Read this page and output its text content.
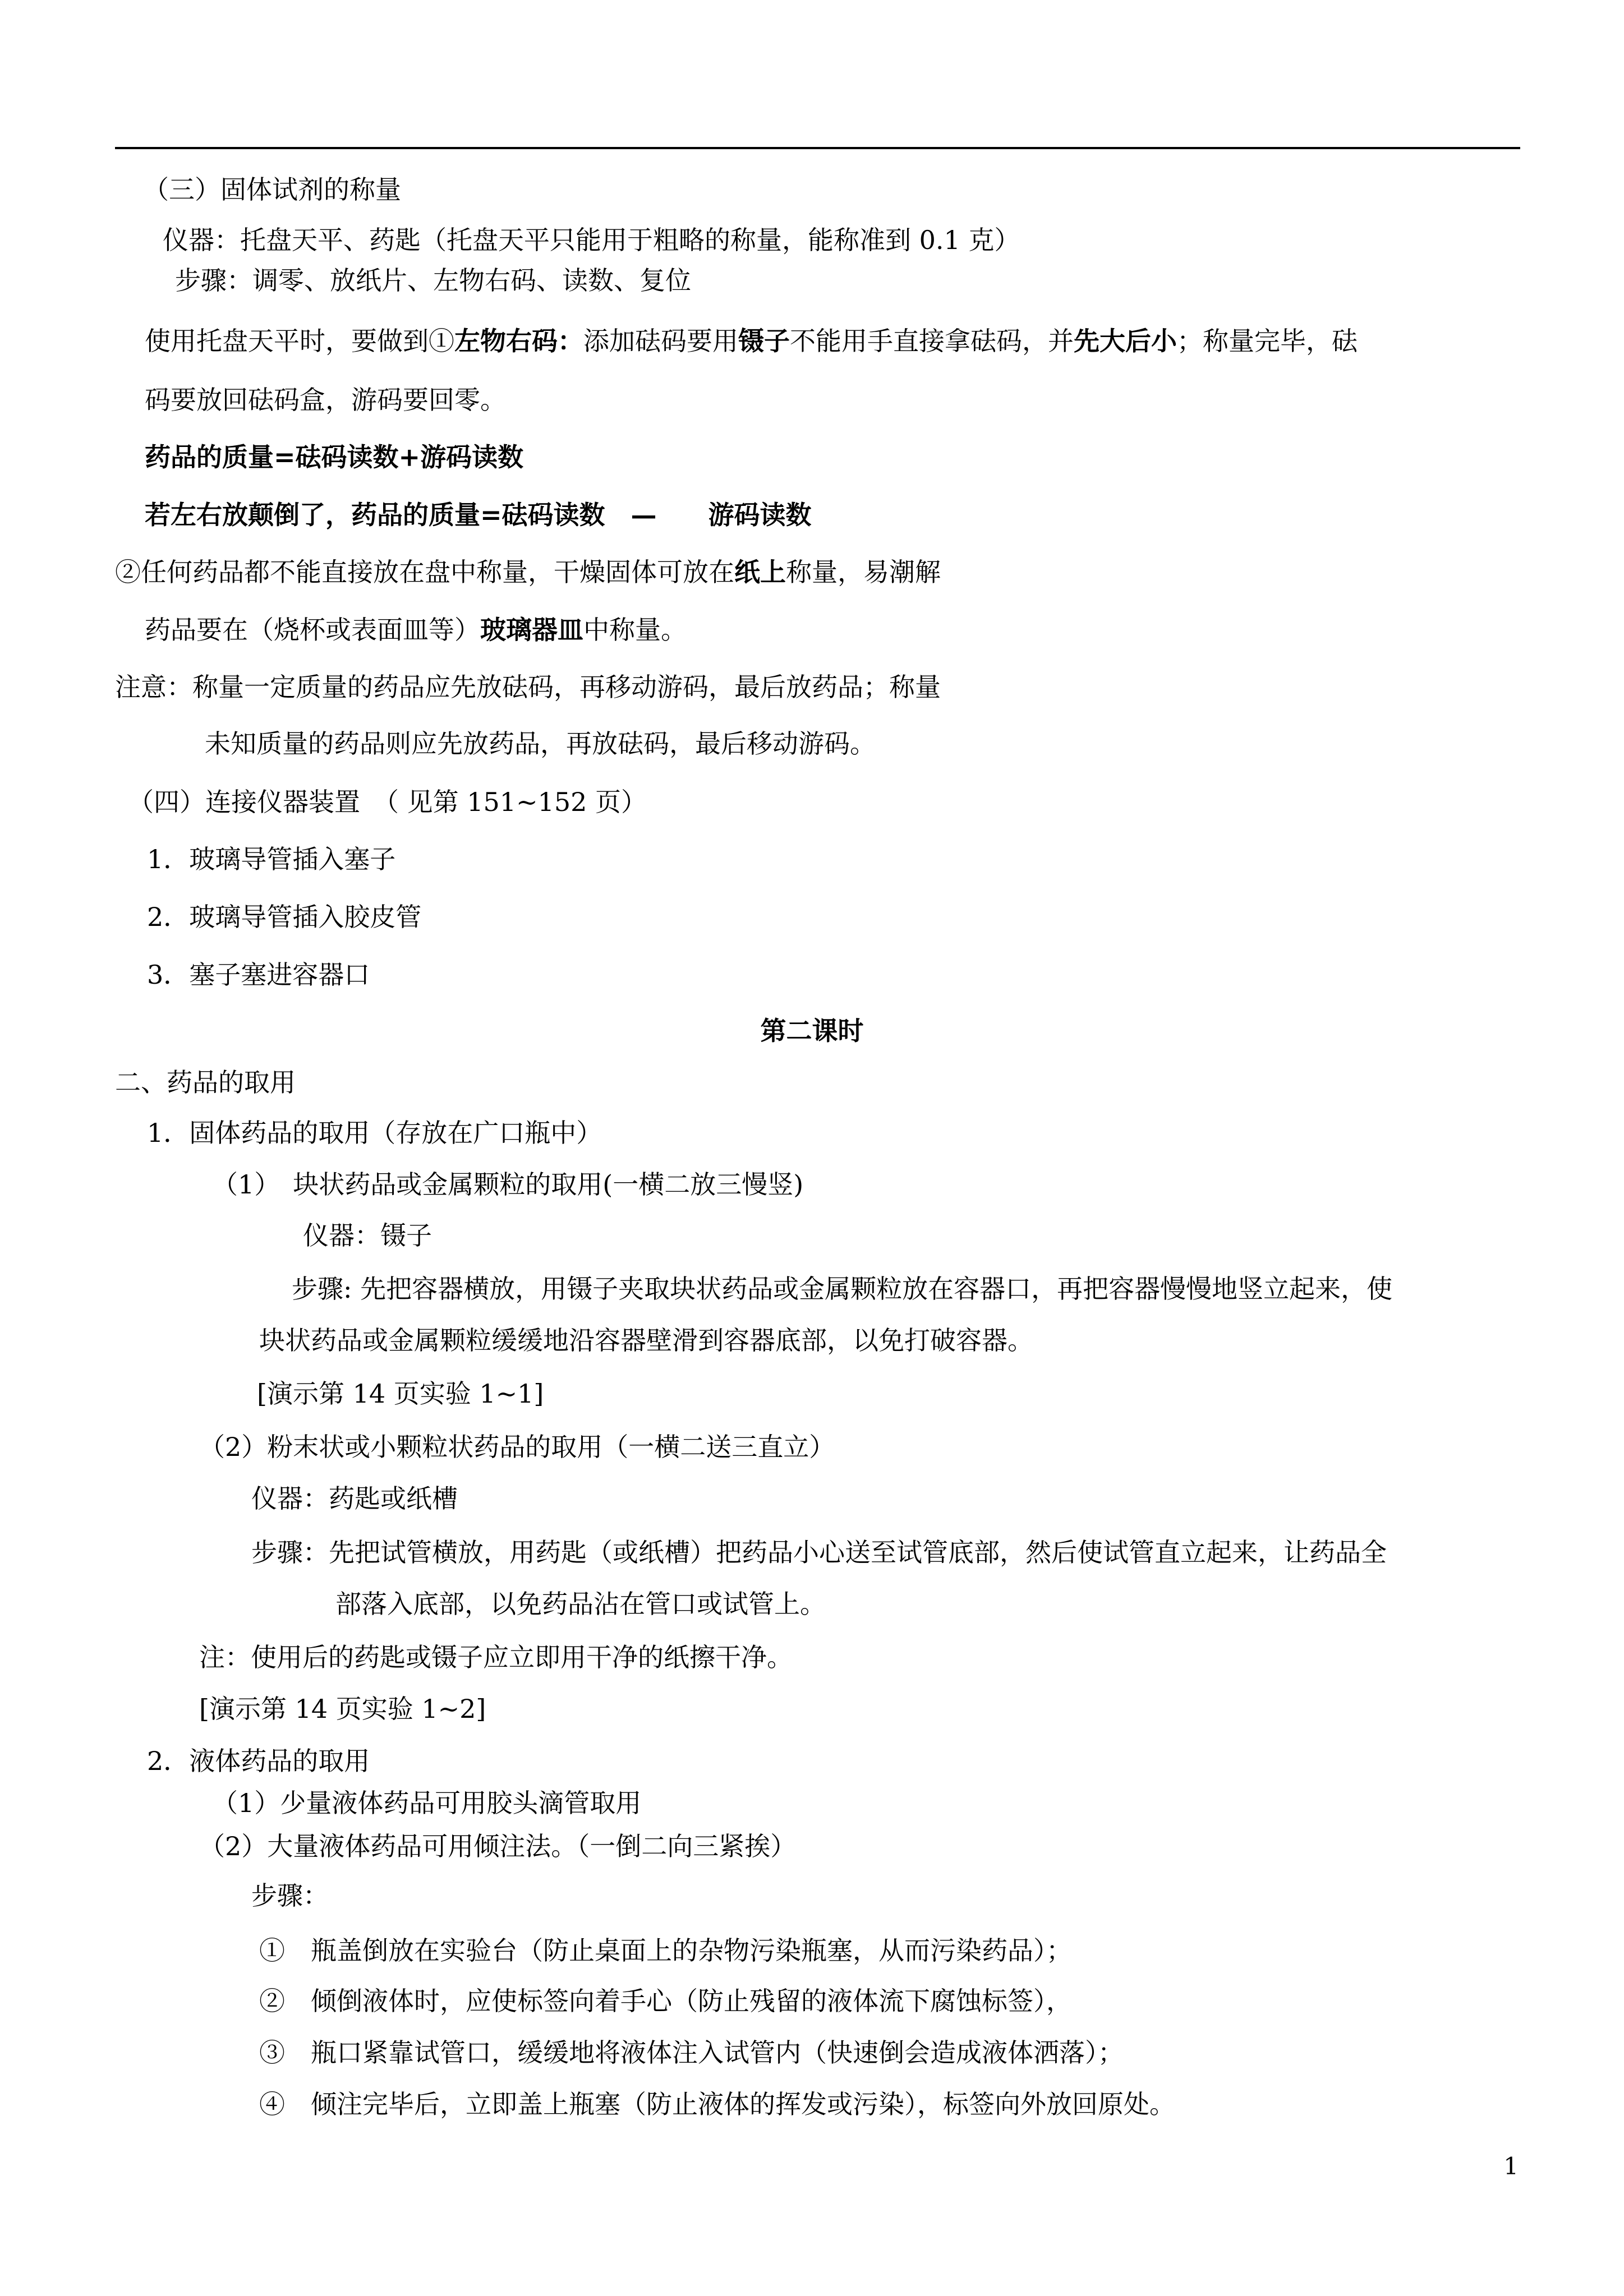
（三）固体试剂的称量
仪器：托盘天平、药匙（托盘天平只能用于粗略的称量，能称准到 0.1 克）
步骤：调零、放纸片、左物右码、读数、复位
使用托盘天平时，要做到①左物右码：添加砝码要用镊子不能用手直接拿砝码，并先大后小；称量完毕，砝
码要放回砝码盒，游码要回零。
药品的质量=砝码读数+游码读数
若左右放颠倒了，药品的质量=砝码读数　—　　游码读数
②任何药品都不能直接放在盘中称量，干燥固体可放在纸上称量，易潮解
药品要在（烧杯或表面皿等）玻璃器皿中称量。
注意：称量一定质量的药品应先放砝码，再移动游码，最后放药品；称量
未知质量的药品则应先放药品，再放砝码，最后移动游码。
（四）连接仪器装置　（ 见第 151~152 页）
1．玻璃导管插入塞子
2．玻璃导管插入胶皮管
3．塞子塞进容器口
第二课时
二、药品的取用
1．固体药品的取用（存放在广口瓶中）
（1）　块状药品或金属颗粒的取用(一横二放三慢竖)
仪器：镊子
步骤: 先把容器横放，用镊子夹取块状药品或金属颗粒放在容器口，再把容器慢慢地竖立起来，使
块状药品或金属颗粒缓缓地沿容器壁滑到容器底部，以免打破容器。
[演示第 14 页实验 1~1]
（2）粉末状或小颗粒状药品的取用（一横二送三直立）
仪器：药匙或纸槽
步骤：先把试管横放，用药匙（或纸槽）把药品小心送至试管底部，然后使试管直立起来，让药品全
部落入底部，以免药品沾在管口或试管上。
注：使用后的药匙或镊子应立即用干净的纸擦干净。
[演示第 14 页实验 1~2]
2．液体药品的取用
（1）少量液体药品可用胶头滴管取用
（2）大量液体药品可用倾注法。（一倒二向三紧挨）
步骤：
①　瓶盖倒放在实验台（防止桌面上的杂物污染瓶塞，从而污染药品）；
②　倾倒液体时，应使标签向着手心（防止残留的液体流下腐蚀标签），
③　瓶口紧靠试管口，缓缓地将液体注入试管内（快速倒会造成液体洒落）；
④　倾注完毕后，立即盖上瓶塞（防止液体的挥发或污染），标签向外放回原处。
1
